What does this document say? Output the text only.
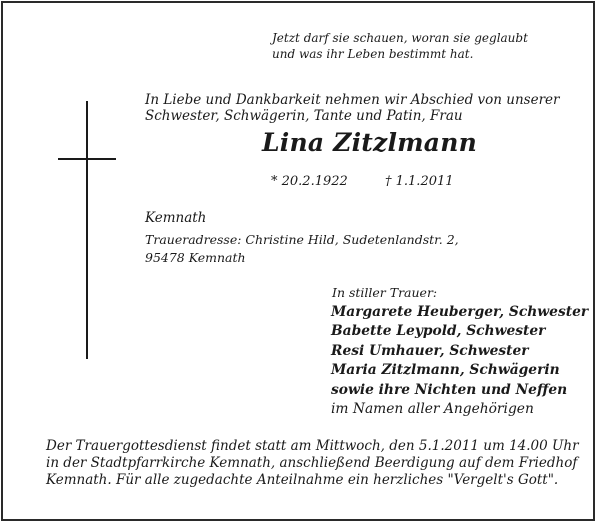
Jetzt darf sie schauen, woran sie geglaubt
und was ihr Leben bestimmt hat.
In Liebe und Dankbarkeit nehmen wir Abschied von unserer
Schwester, Schwägerin, Tante und Patin, Frau
Lina Zitzlmann
* 20.2.1922	† 1.1.2011
Kemnath
Traueradresse: Christine Hild, Sudetenlandstr. 2,
95478 Kemnath
In stiller Trauer:
Margarete Heuberger, Schwester
Babette Leypold, Schwester
Resi Umhauer, Schwester
Maria Zitzlmann, Schwägerin
sowie ihre Nichten und Neffen
im Namen aller Angehörigen
Der Trauergottesdienst findet statt am Mittwoch, den 5.1.2011 um 14.00 Uhr
in der Stadtpfarrkirche Kemnath, anschließend Beerdigung auf dem Friedhof
Kemnath. Für alle zugedachte Anteilnahme ein herzliches "Vergelt's Gott".
